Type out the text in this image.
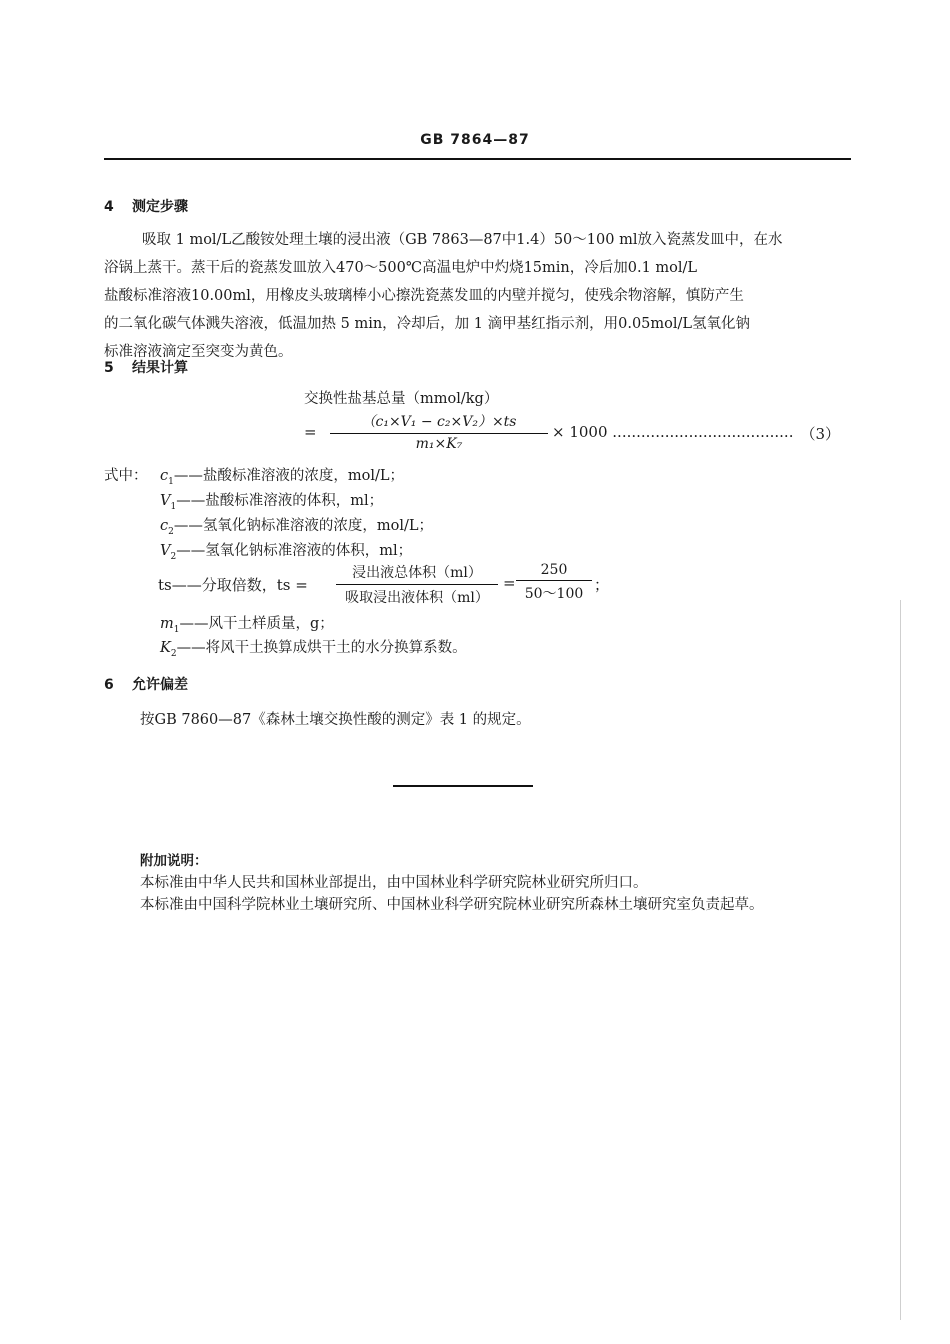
GB 7864—87
4 测定步骤
吸取 1 mol/L乙酸铵处理土壤的浸出液（GB 7863—87中1.4）50～100 ml放入瓷蒸发皿中，在水
浴锅上蒸干。蒸干后的瓷蒸发皿放入470～500℃高温电炉中灼烧15min，冷后加0.1 mol/L
盐酸标准溶液10.00ml，用橡皮头玻璃棒小心擦洗瓷蒸发皿的内壁并搅匀，使残余物溶解，慎防产生
的二氧化碳气体溅失溶液，低温加热 5 min，冷却后，加 1 滴甲基红指示剂，用0.05mol/L氢氧化钠
标准溶液滴定至突变为黄色。
5 结果计算
交换性盐基总量（mmol/kg）
=
（c₁×V₁ − c₂×V₂）×ts
m₁×K₇
× 1000 ...................................... （3）
式中： $c_1——$盐酸标准溶液的浓度，mol/L；
$V_1——$盐酸标准溶液的体积，ml；
$c_2——$氢氧化钠标准溶液的浓度，mol/L；
$V_2——$氢氧化钠标准溶液的体积，ml；
ts——分取倍数，ts =
浸出液总体积（ml）
吸取浸出液体积（ml）
=
250
50～100 ；
$m_1——$风干土样质量，g；
$K_2——$将风干土换算成烘干土的水分换算系数。
6 允许偏差
按GB 7860—87《森林土壤交换性酸的测定》表 1 的规定。
附加说明：
本标准由中华人民共和国林业部提出，由中国林业科学研究院林业研究所归口。
本标准由中国科学院林业土壤研究所、中国林业科学研究院林业研究所森林土壤研究室负责起草。
